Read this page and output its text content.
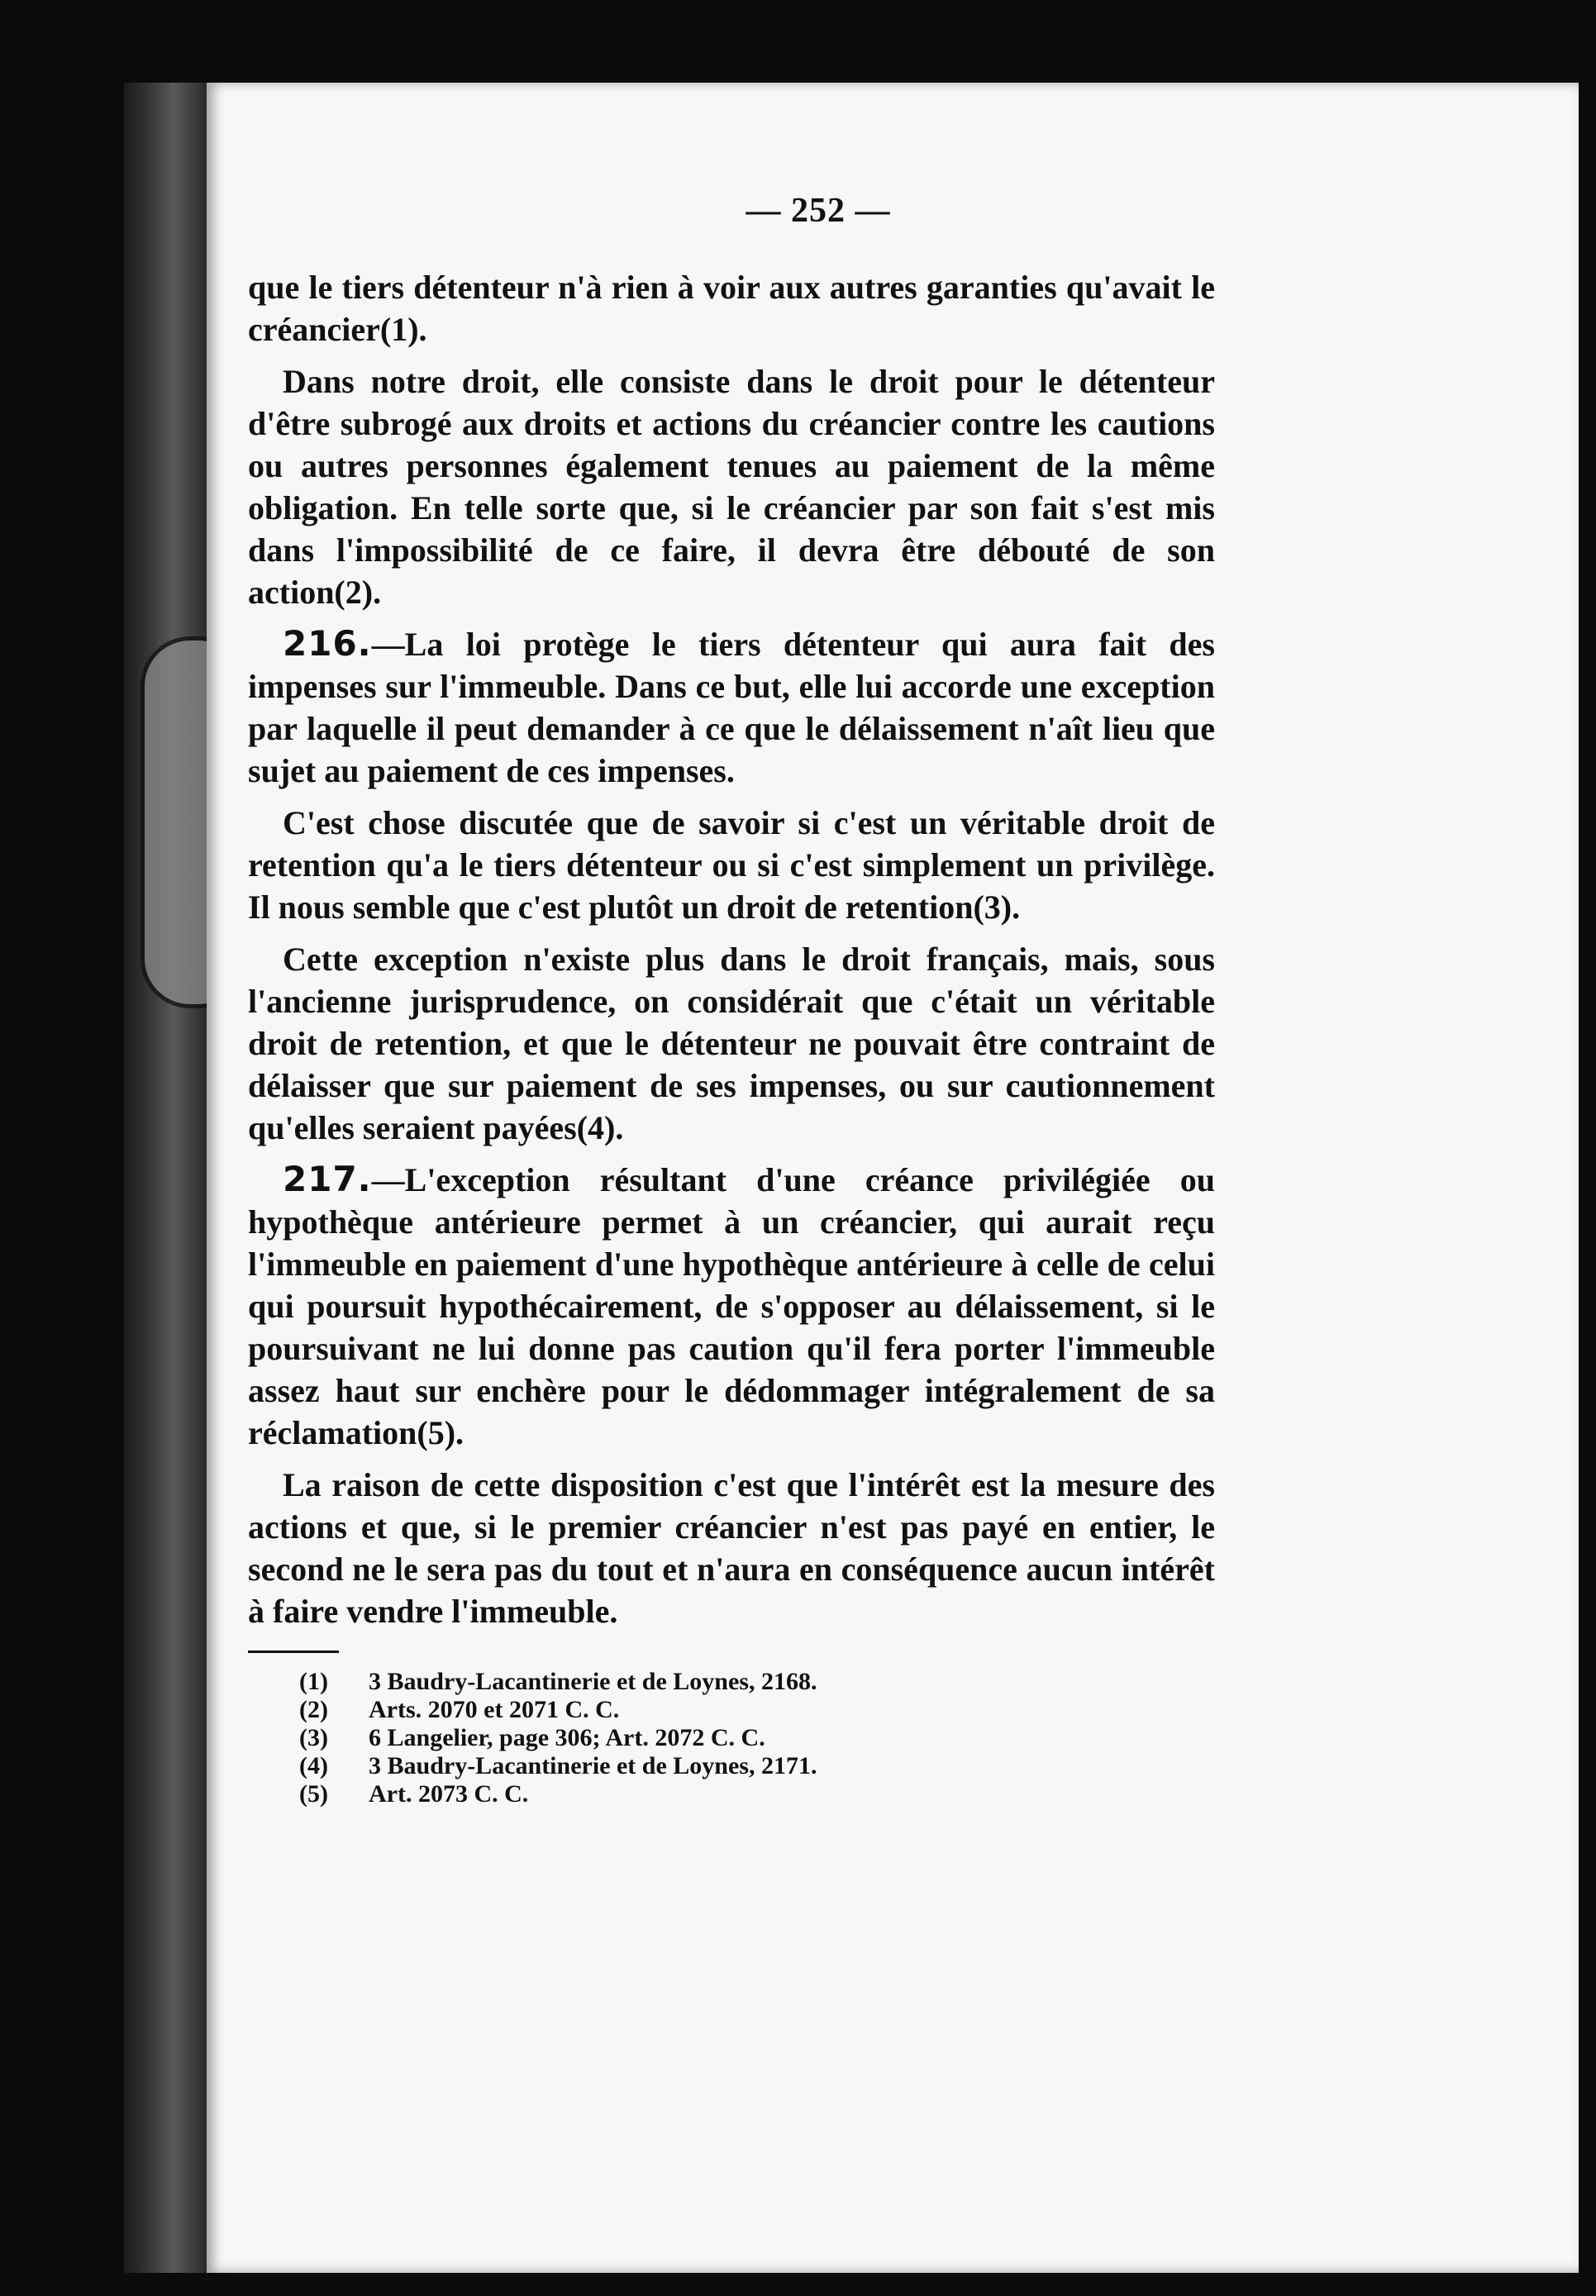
— 252 —

que le tiers détenteur n'à rien à voir aux autres garanties qu'avait le créancier(1).

Dans notre droit, elle consiste dans le droit pour le détenteur d'être subrogé aux droits et actions du créancier contre les cautions ou autres personnes également tenues au paiement de la même obligation. En telle sorte que, si le créancier par son fait s'est mis dans l'impossibilité de ce faire, il devra être débouté de son action(2).

216.—La loi protège le tiers détenteur qui aura fait des impenses sur l'immeuble. Dans ce but, elle lui accorde une exception par laquelle il peut demander à ce que le délaissement n'aît lieu que sujet au paiement de ces impenses.

C'est chose discutée que de savoir si c'est un véritable droit de retention qu'a le tiers détenteur ou si c'est simplement un privilège. Il nous semble que c'est plutôt un droit de retention(3).

Cette exception n'existe plus dans le droit français, mais, sous l'ancienne jurisprudence, on considérait que c'était un véritable droit de retention, et que le détenteur ne pouvait être contraint de délaisser que sur paiement de ses impenses, ou sur cautionnement qu'elles seraient payées(4).

217.—L'exception résultant d'une créance privilégiée ou hypothèque antérieure permet à un créancier, qui aurait reçu l'immeuble en paiement d'une hypothèque antérieure à celle de celui qui poursuit hypothécairement, de s'opposer au délaissement, si le poursuivant ne lui donne pas caution qu'il fera porter l'immeuble assez haut sur enchère pour le dédommager intégralement de sa réclamation(5).

La raison de cette disposition c'est que l'intérêt est la mesure des actions et que, si le premier créancier n'est pas payé en entier, le second ne le sera pas du tout et n'aura en conséquence aucun intérêt à faire vendre l'immeuble.

(1)	3 Baudry-Lacantinerie et de Loynes, 2168.
(2)	Arts. 2070 et 2071 C. C.
(3)	6 Langelier, page 306; Art. 2072 C. C.
(4)	3 Baudry-Lacantinerie et de Loynes, 2171.
(5)	Art. 2073 C. C.
